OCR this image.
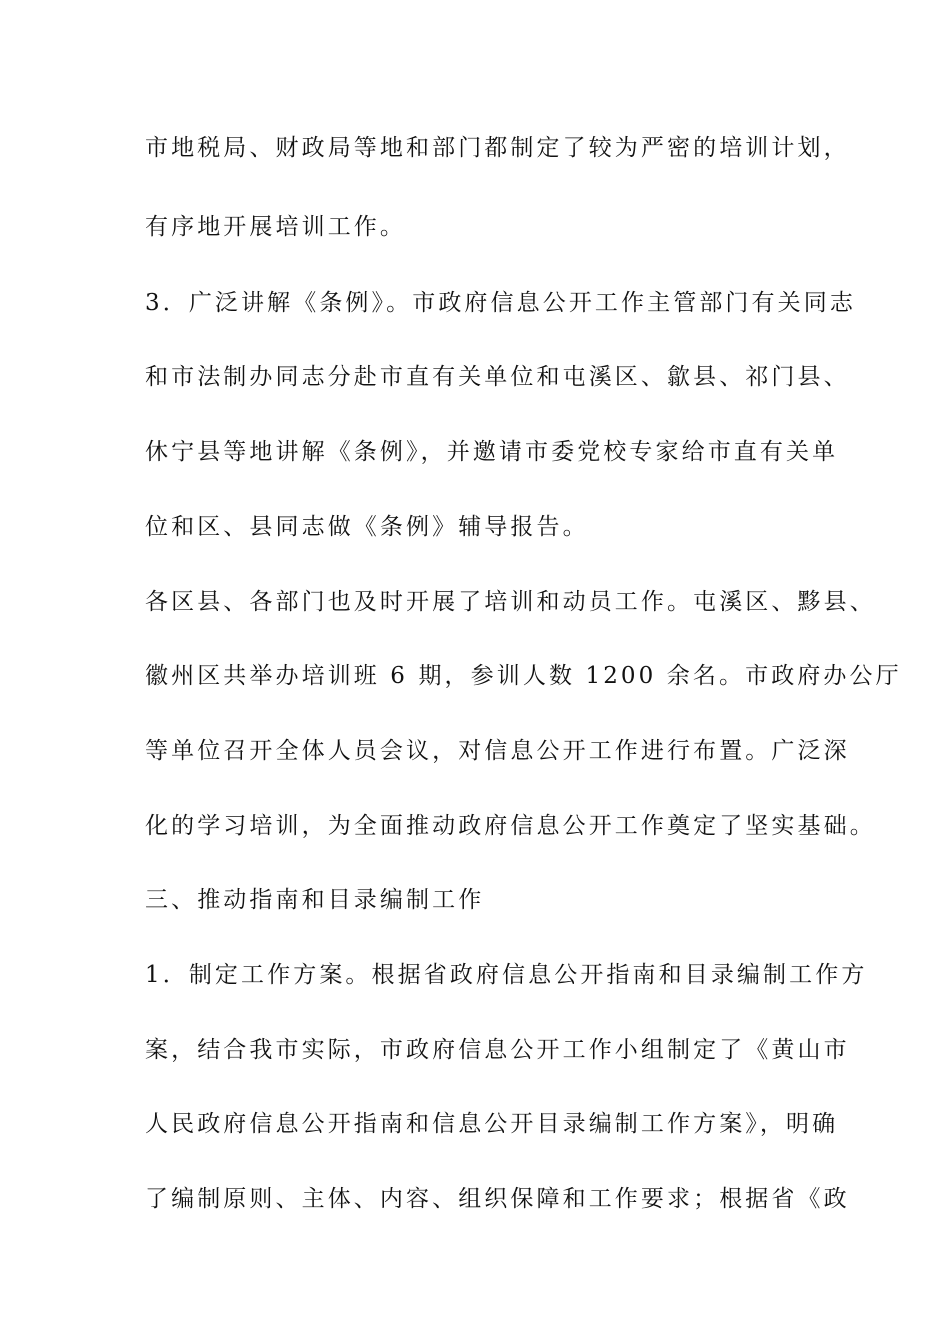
市地税局、财政局等地和部门都制定了较为严密的培训计划，
有序地开展培训工作。
3．广泛讲解《条例》。市政府信息公开工作主管部门有关同志
和市法制办同志分赴市直有关单位和屯溪区、歙县、祁门县、
休宁县等地讲解《条例》，并邀请市委党校专家给市直有关单
位和区、县同志做《条例》辅导报告。
各区县、各部门也及时开展了培训和动员工作。屯溪区、黟县、
徽州区共举办培训班 6 期，参训人数 1200 余名。市政府办公厅
等单位召开全体人员会议，对信息公开工作进行布置。广泛深
化的学习培训，为全面推动政府信息公开工作奠定了坚实基础。
三、推动指南和目录编制工作
1．制定工作方案。根据省政府信息公开指南和目录编制工作方
案，结合我市实际，市政府信息公开工作小组制定了《黄山市
人民政府信息公开指南和信息公开目录编制工作方案》，明确
了编制原则、主体、内容、组织保障和工作要求；根据省《政
